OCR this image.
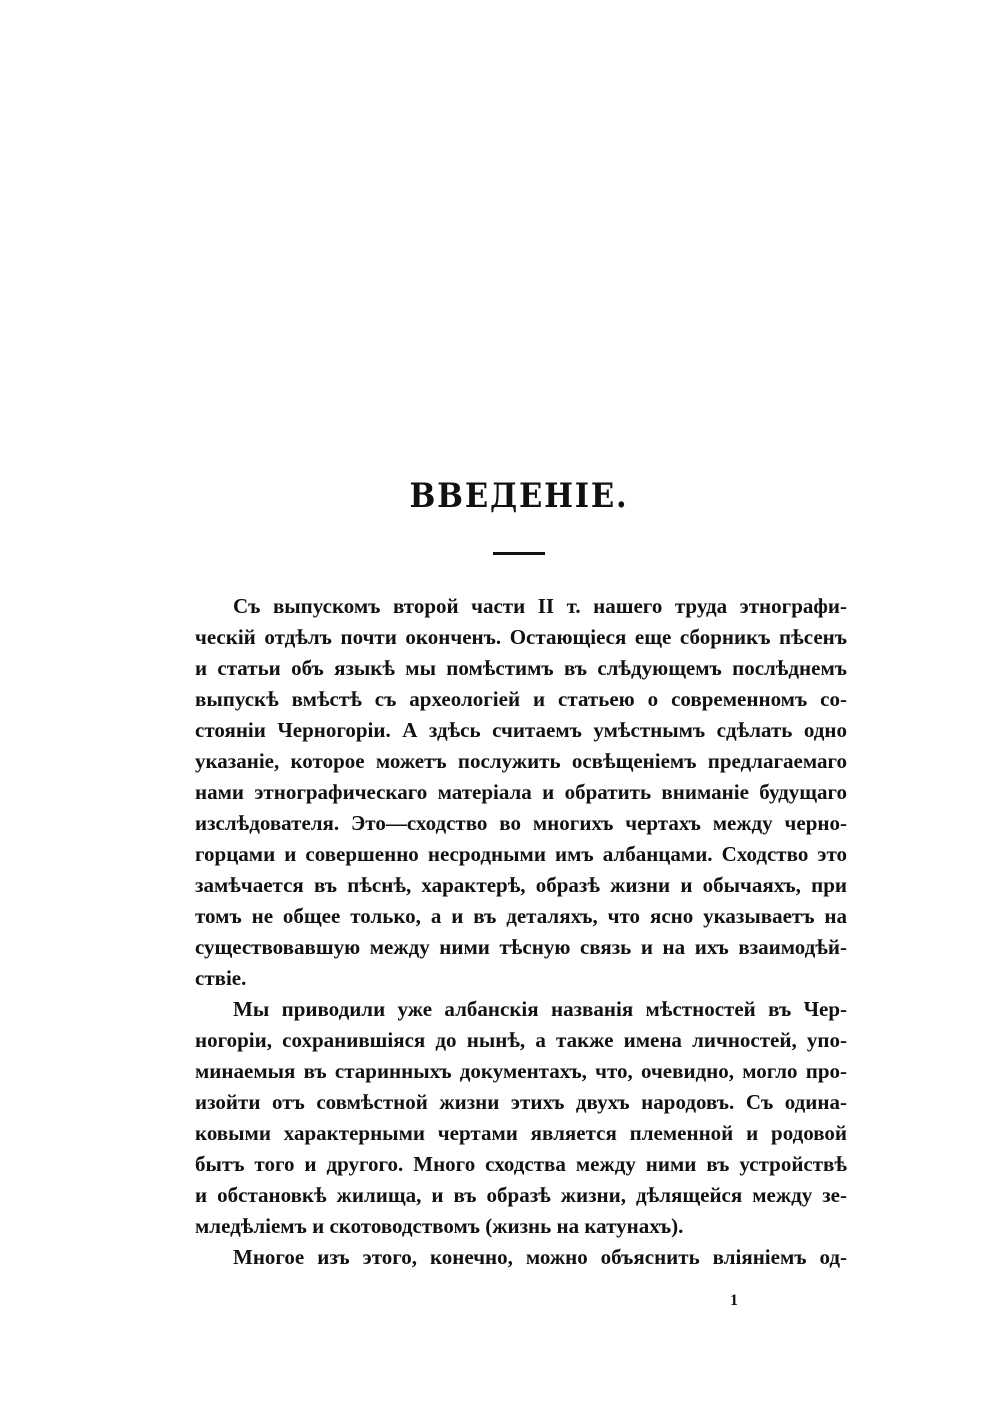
ВВЕДЕНІЕ.
Съ выпускомъ второй части II т. нашего труда этнографи-
ческій отдѣлъ почти оконченъ. Остающіеся еще сборникъ пѣсенъ
и статьи объ языкѣ мы помѣстимъ въ слѣдующемъ послѣднемъ
выпускѣ вмѣстѣ съ археологіей и статьею о современномъ со-
стояніи Черногоріи. А здѣсь считаемъ умѣстнымъ сдѣлать одно
указаніе, которое можетъ послужить освѣщеніемъ предлагаемаго
нами этнографическаго матеріала и обратить вниманіе будущаго
изслѣдователя. Это—сходство во многихъ чертахъ между черно-
горцами и совершенно несродными имъ албанцами. Сходство это
замѣчается въ пѣснѣ, характерѣ, образѣ жизни и обычаяхъ, при
томъ не общее только, а и въ деталяхъ, что ясно указываетъ на
существовавшую между ними тѣсную связь и на ихъ взаимодѣй-
ствіе.
Мы приводили уже албанскія названія мѣстностей въ Чер-
ногоріи, сохранившіяся до нынѣ, а также имена личностей, упо-
минаемыя въ старинныхъ документахъ, что, очевидно, могло про-
изойти отъ совмѣстной жизни этихъ двухъ народовъ. Съ одина-
ковыми характерными чертами является племенной и родовой
бытъ того и другого. Много сходства между ними въ устройствѣ
и обстановкѣ жилища, и въ образѣ жизни, дѣлящейся между зе-
мледѣліемъ и скотоводствомъ (жизнь на катунахъ).
Многое изъ этого, конечно, можно объяснить вліяніемъ од-
1
